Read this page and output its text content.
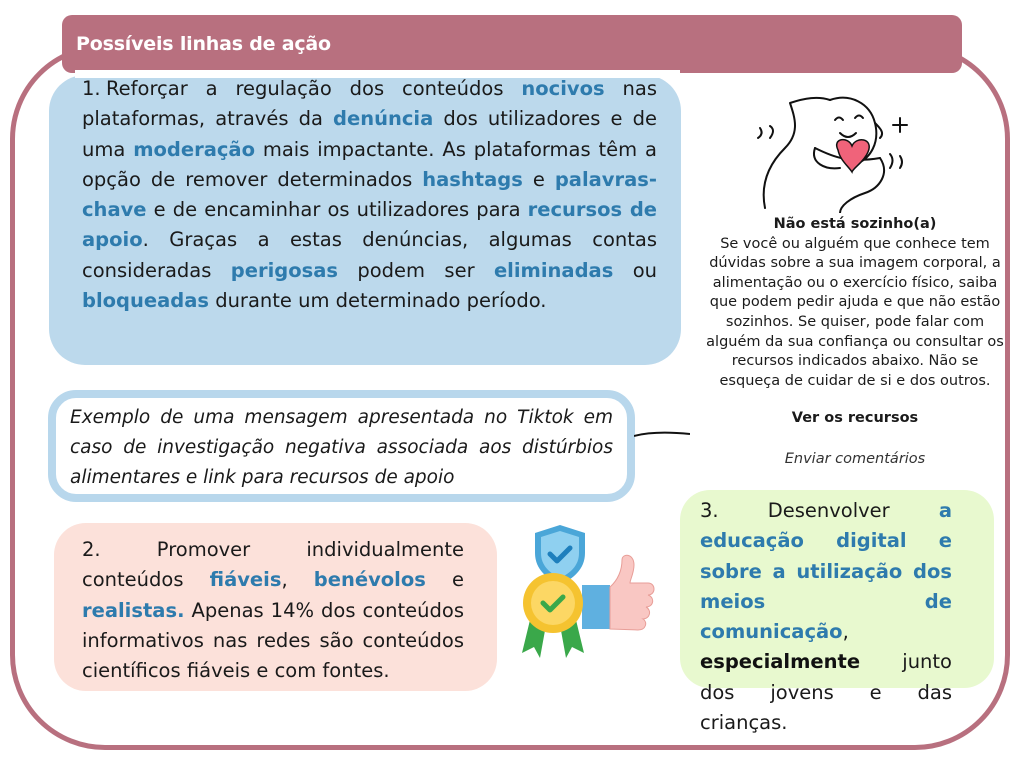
Possíveis linhas de ação
1. Reforçar a regulação dos conteúdos nocivos nas plataformas, através da denúncia dos utilizadores e de uma moderação mais impactante. As plataformas têm a opção de remover determinados hashtags e palavras-chave e de encaminhar os utilizadores para recursos de apoio. Graças a estas denúncias, algumas contas consideradas perigosas podem ser eliminadas ou bloqueadas durante um determinado período.
Não está sozinho(a)
Se você ou alguém que conhece tem dúvidas sobre a sua imagem corporal, a alimentação ou o exercício físico, saiba que podem pedir ajuda e que não estão sozinhos. Se quiser, pode falar com alguém da sua confiança ou consultar os recursos indicados abaixo. Não se esqueça de cuidar de si e dos outros.
Ver os recursos
Enviar comentários
Exemplo de uma mensagem apresentada no Tiktok em caso de investigação negativa associada aos distúrbios alimentares e link para recursos de apoio
2. Promover individualmente conteúdos fiáveis, benévolos e realistas. Apenas 14% dos conteúdos informativos nas redes são conteúdos científicos fiáveis e com fontes.
3. Desenvolver a educação digital e sobre a utilização dos meios de comunicação, especialmente junto dos jovens e das crianças.
